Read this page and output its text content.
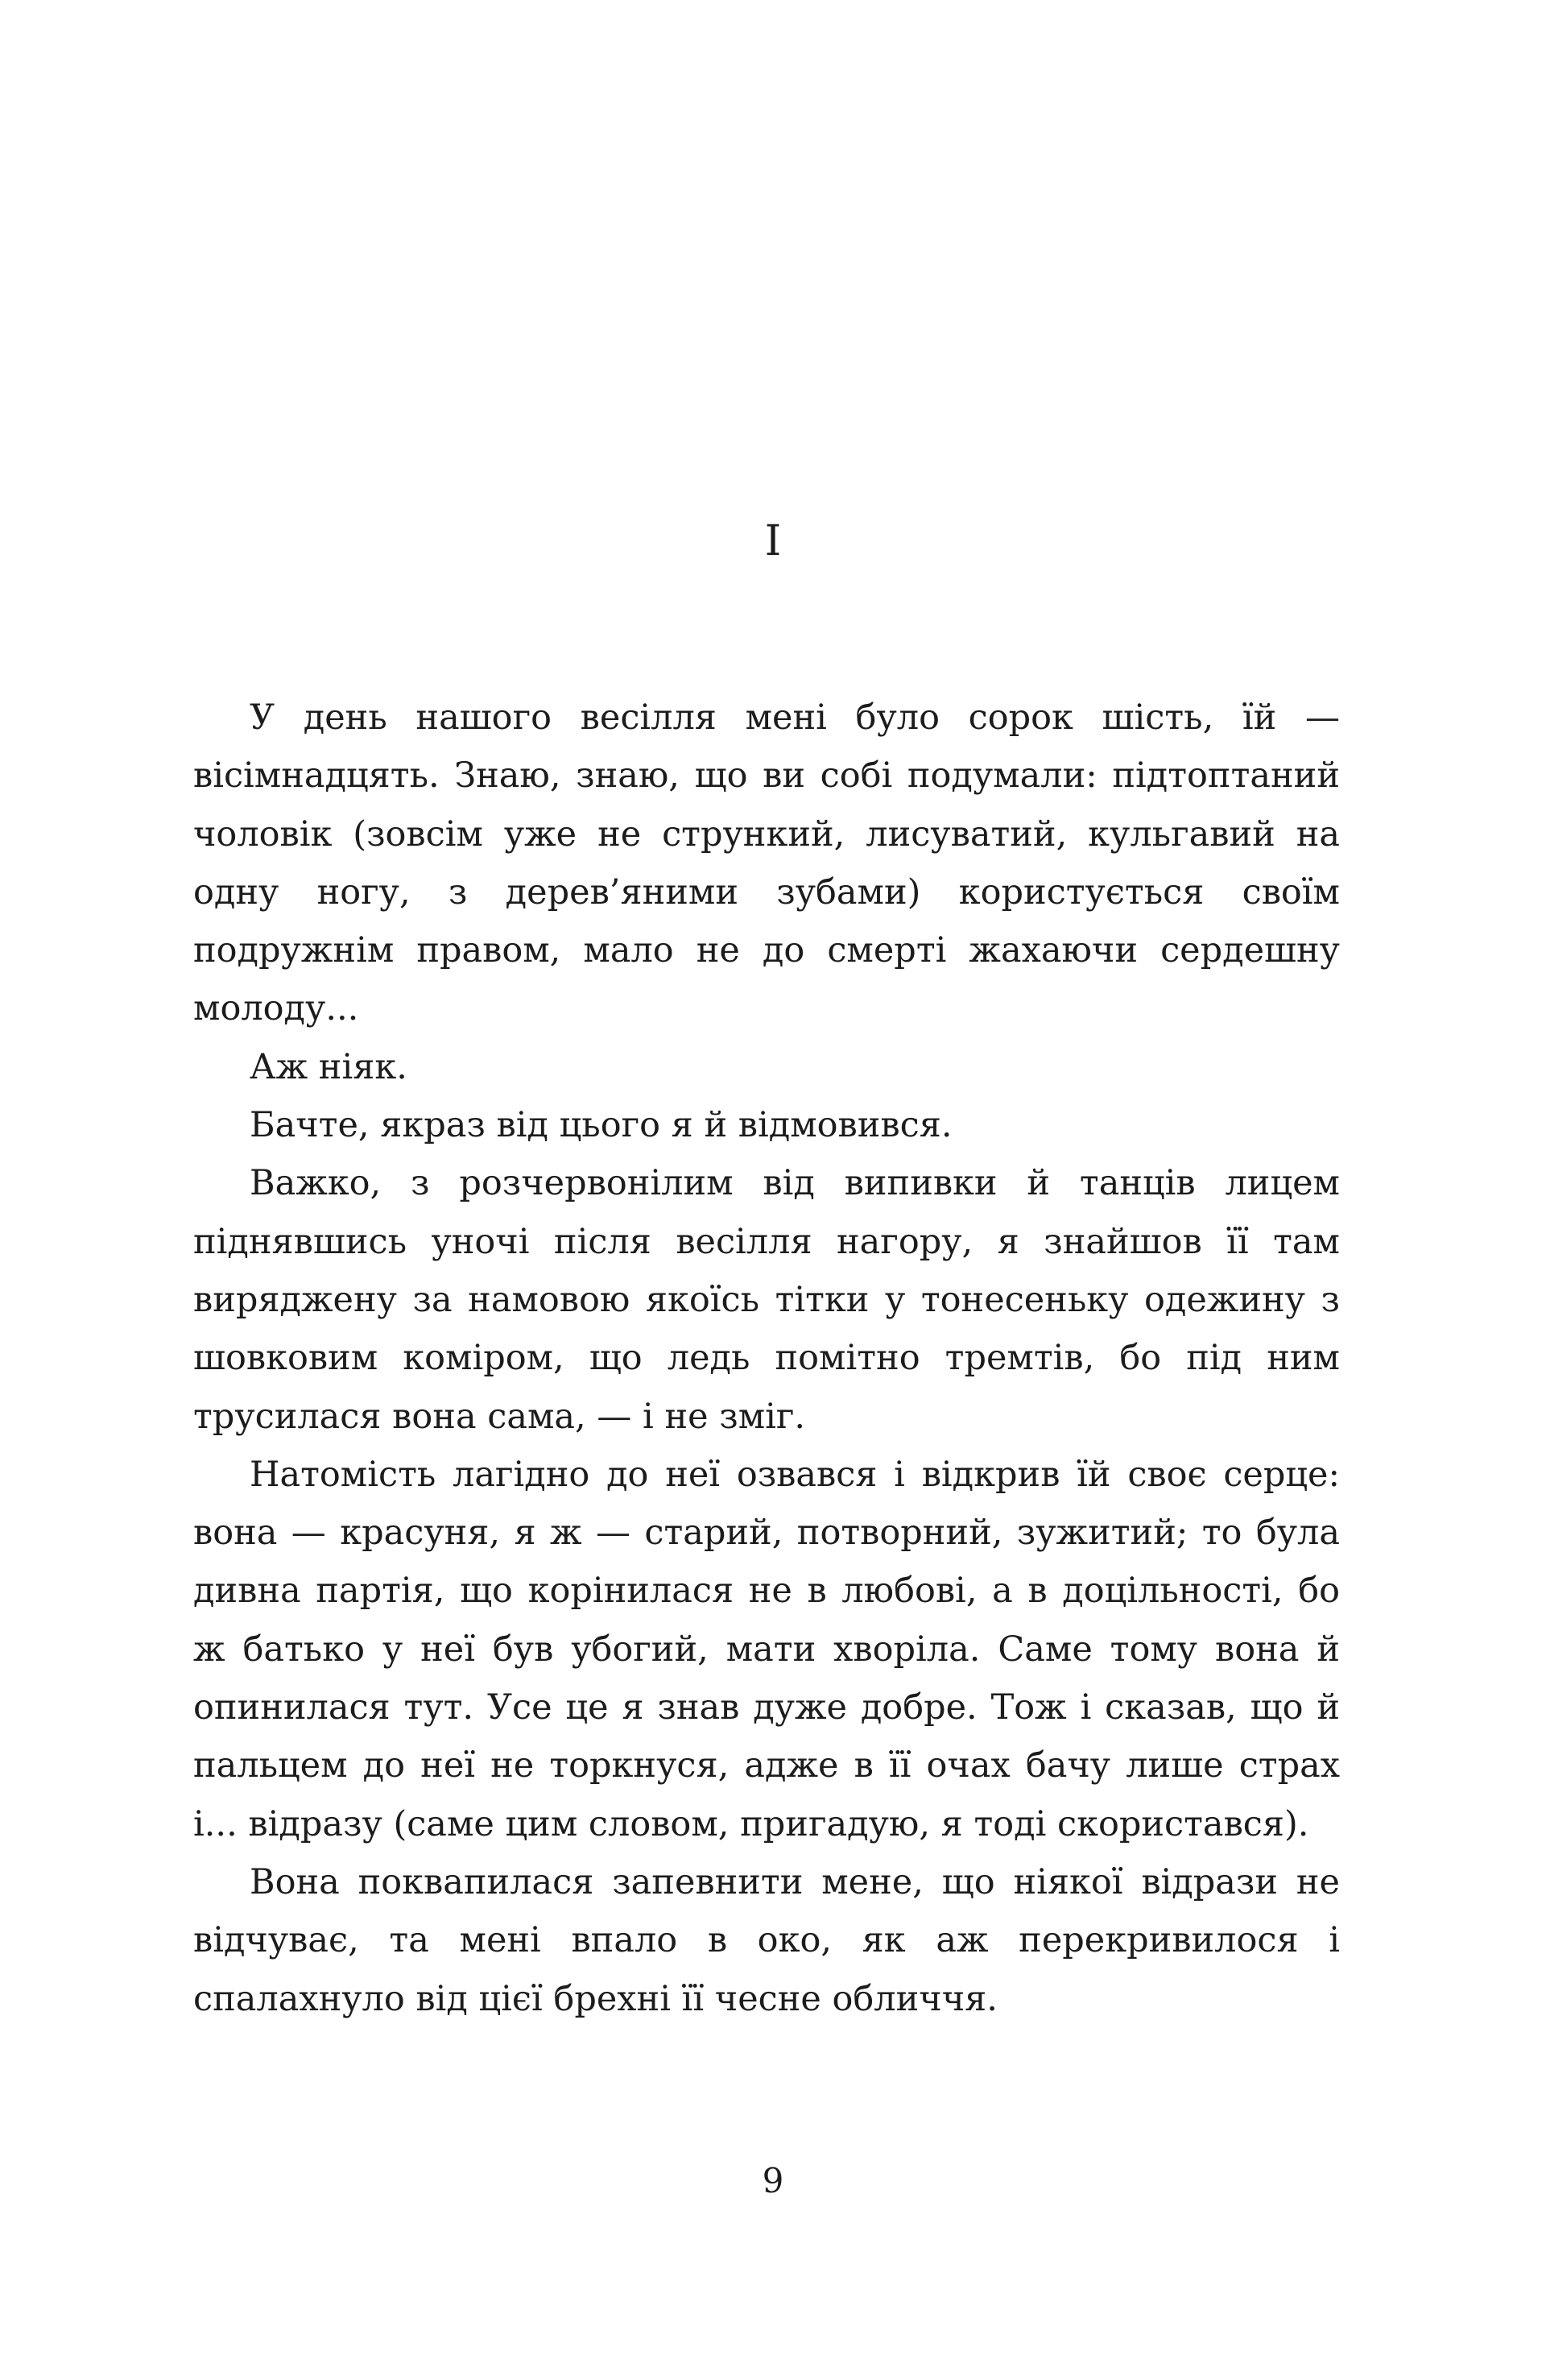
I

У день нашого весілля мені було сорок шість, їй — вісімнадцять. Знаю, знаю, що ви собі подумали: підтоптаний чоловік (зовсім уже не стрункий, лисуватий, кульгавий на одну ногу, з дерев’яними зубами) користується своїм подружнім правом, мало не до смерті жахаючи сердешну молоду...

Аж ніяк.

Бачте, якраз від цього я й відмовився.

Важко, з розчервонілим від випивки й танців лицем піднявшись уночі після весілля нагору, я знайшов її там виряджену за намовою якоїсь тітки у тонесеньку одежину з шовковим коміром, що ледь помітно тремтів, бо під ним трусилася вона сама, — і не зміг.

Натомість лагідно до неї озвався і відкрив їй своє серце: вона — красуня, я ж — старий, потворний, зужитий; то була дивна партія, що корінилася не в любові, а в доцільності, бо ж батько у неї був убогий, мати хворіла. Саме тому вона й опинилася тут. Усе це я знав дуже добре. Тож і сказав, що й пальцем до неї не торкнуся, адже в її очах бачу лише страх і... відразу (саме цим словом, пригадую, я тоді скористався).

Вона поквапилася запевнити мене, що ніякої відрази не відчуває, та мені впало в око, як аж перекривилося і спалахнуло від цієї брехні її чесне обличчя.

9
